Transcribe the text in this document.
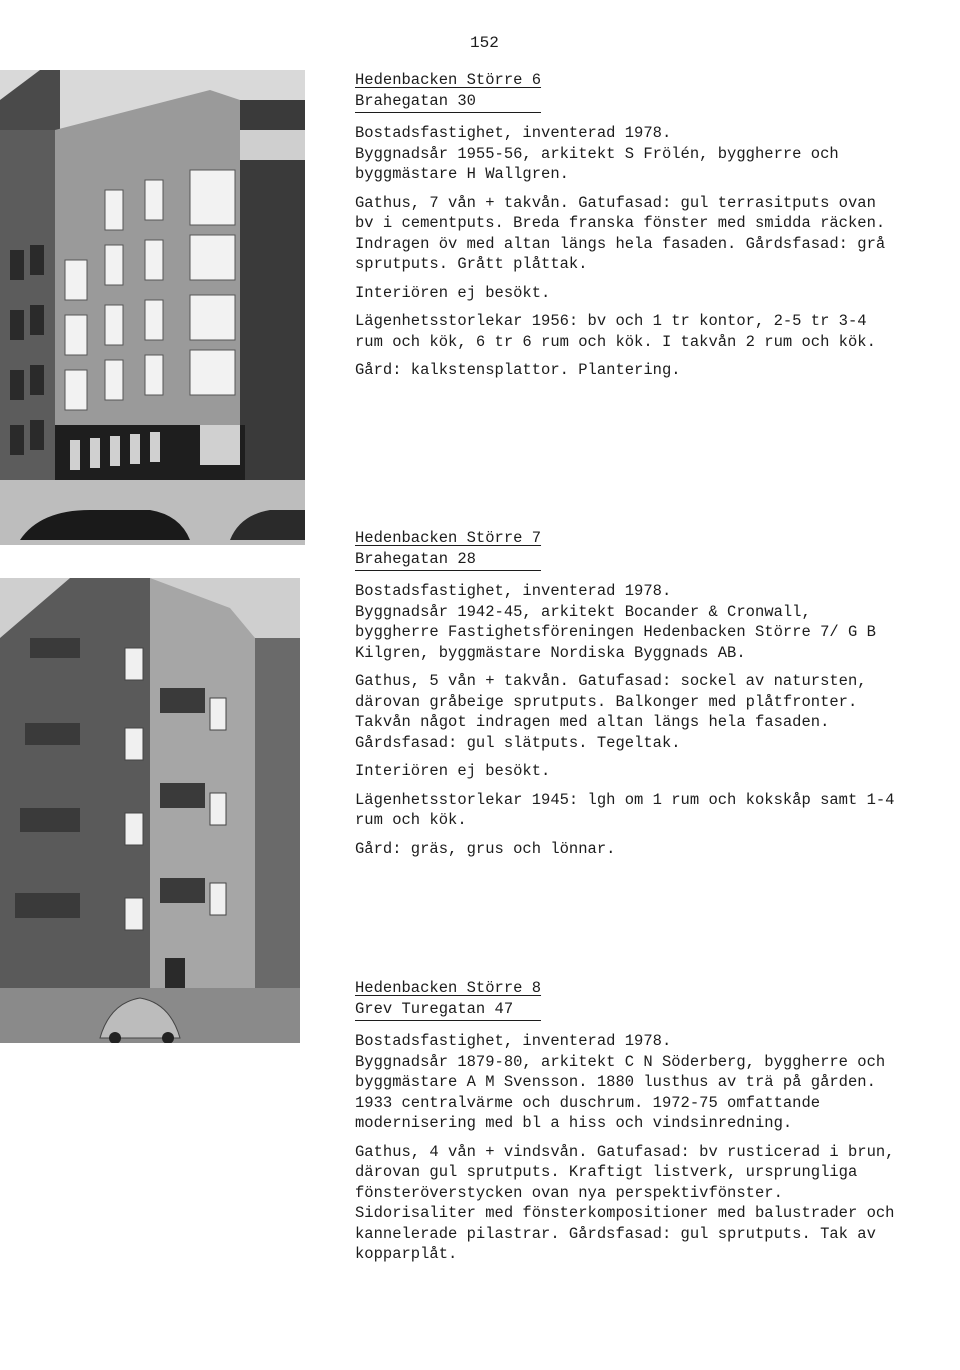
152
Hedenbacken Större 6
Brahegatan 30

Bostadsfastighet, inventerad 1978.
Byggnadsår 1955-56, arkitekt S Frölén, byggherre och byggmästare H Wallgren.

Gathus, 7 vån + takvån. Gatufasad: gul terrasitputs ovan bv i cementputs. Breda franska fönster med smidda räcken. Indragen öv med altan längs hela fasaden. Gårdsfasad: grå sprutputs. Grått plåttak.

Interiören ej besökt.

Lägenhetsstorlekar 1956: bv och 1 tr kontor, 2-5 tr 3-4 rum och kök, 6 tr 6 rum och kök. I takvån 2 rum och kök.

Gård: kalkstensplattor. Plantering.

Hedenbacken Större 7
Brahegatan 28

Bostadsfastighet, inventerad 1978.
Byggnadsår 1942-45, arkitekt Bocander & Cronwall, byggherre Fastighetsföreningen Hedenbacken Större 7/ G B Kilgren, byggmästare Nordiska Byggnads AB.

Gathus, 5 vån + takvån. Gatufasad: sockel av natursten, därovan gråbeige sprutputs. Balkonger med plåtfronter. Takvån något indragen med altan längs hela fasaden. Gårdsfasad: gul slätputs. Tegeltak.

Interiören ej besökt.

Lägenhetsstorlekar 1945: lgh om 1 rum och kokskåp samt 1-4 rum och kök.

Gård: gräs, grus och lönnar.

Hedenbacken Större 8
Grev Turegatan 47

Bostadsfastighet, inventerad 1978.
Byggnadsår 1879-80, arkitekt C N Söderberg, byggherre och byggmästare A M Svensson. 1880 lusthus av trä på gården. 1933 centralvärme och duschrum. 1972-75 omfattande modernisering med bl a hiss och vindsinredning.

Gathus, 4 vån + vindsvån. Gatufasad: bv rusticerad i brun, därovan gul sprutputs. Kraftigt listverk, ursprungliga fönsteröverstycken ovan nya perspektivfönster. Sidorisaliter med fönsterkompositioner med balustrader och kannelerade pilastrar. Gårdsfasad: gul sprutputs. Tak av kopparplåt.
